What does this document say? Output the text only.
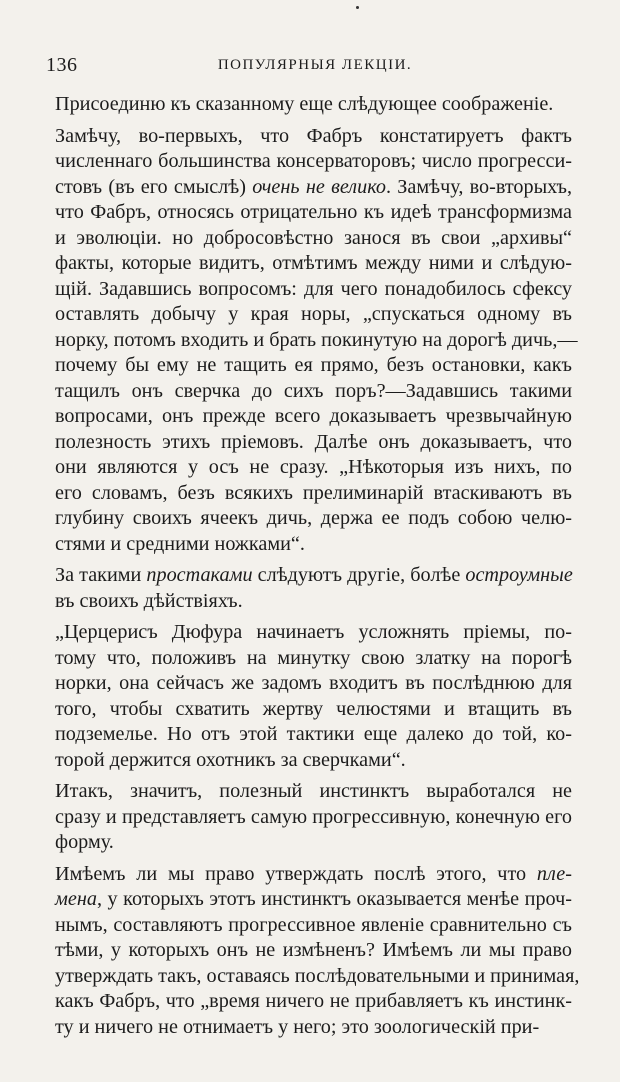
136	ПОПУЛЯРНЫЯ ЛЕКЦІИ.
Присоединю къ сказанному еще слѣдующее соображеніе.
Замѣчу, во-первыхъ, что Фабръ констатируетъ фактъ
численнаго большинства консерваторовъ; число прогресси-
стовъ (въ его смыслѣ) очень не велико. Замѣчу, во-вторыхъ,
что Фабръ, относясь отрицательно къ идеѣ трансформизма
и эволюціи. но добросовѣстно занося въ свои „архивы“
факты, которые видитъ, отмѣтимъ между ними и слѣдую-
щій. Задавшись вопросомъ: для чего понадобилось сфексу
оставлять добычу у края норы, „спускаться одному въ
норку, потомъ входить и брать покинутую на дорогѣ дичь,—
почему бы ему не тащить ея прямо, безъ остановки, какъ
тащилъ онъ сверчка до сихъ поръ?—Задавшись такими
вопросами, онъ прежде всего доказываетъ чрезвычайную
полезность этихъ пріемовъ. Далѣе онъ доказываетъ, что
они являются у осъ не сразу. „Нѣкоторыя изъ нихъ, по
его словамъ, безъ всякихъ прелиминарій втаскиваютъ въ
глубину своихъ ячеекъ дичь, держа ее подъ собою челю-
стями и средними ножками“.
За такими простаками слѣдуютъ другіе, болѣе остроумные
въ своихъ дѣйствіяхъ.
„Церцерисъ Дюфура начинаетъ усложнять пріемы, по-
тому что, положивъ на минутку свою златку на порогѣ
норки, она сейчасъ же задомъ входитъ въ послѣднюю для
того, чтобы схватить жертву челюстями и втащить въ
подземелье. Но отъ этой тактики еще далеко до той, ко-
торой держится охотникъ за сверчками“.
Итакъ, значитъ, полезный инстинктъ выработался не
сразу и представляетъ самую прогрессивную, конечную его
форму.
Имѣемъ ли мы право утверждать послѣ этого, что пле-
мена, у которыхъ этотъ инстинктъ оказывается менѣе проч-
нымъ, составляютъ прогрессивное явленіе сравнительно съ
тѣми, у которыхъ онъ не измѣненъ? Имѣемъ ли мы право
утверждать такъ, оставаясь послѣдовательными и принимая,
какъ Фабръ, что „время ничего не прибавляетъ къ инстинк-
ту и ничего не отнимаетъ у него; это зоологическій при-
